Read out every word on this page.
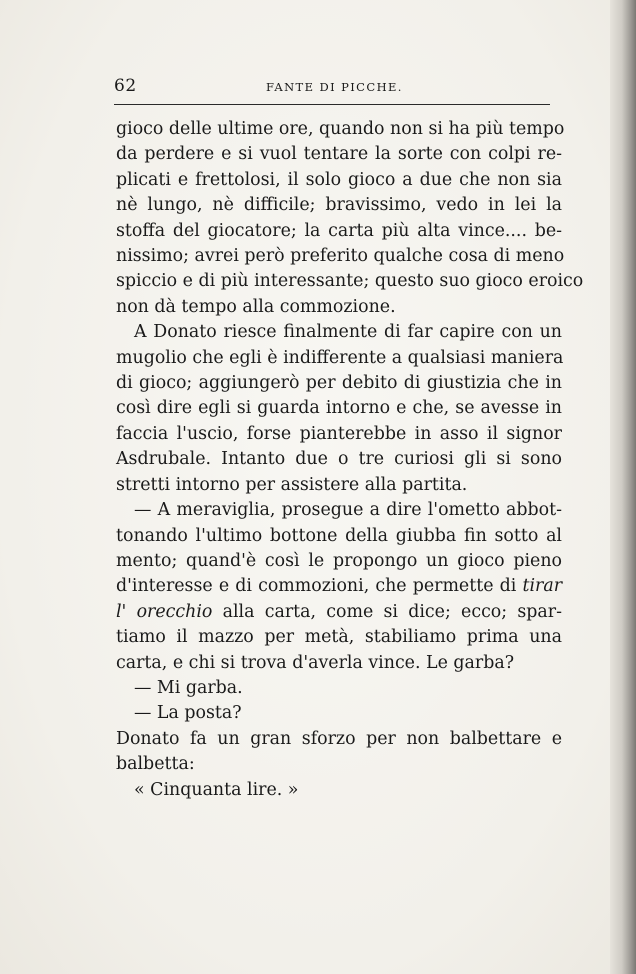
62	FANTE DI PICCHE.
gioco delle ultime ore, quando non si ha più tempo
da perdere e si vuol tentare la sorte con colpi re-
plicati e frettolosi, il solo gioco a due che non sia
nè lungo, nè difficile; bravissimo, vedo in lei la
stoffa del giocatore; la carta più alta vince.... be-
nissimo; avrei però preferito qualche cosa di meno
spiccio e di più interessante; questo suo gioco eroico
non dà tempo alla commozione.
A Donato riesce finalmente di far capire con un
mugolio che egli è indifferente a qualsiasi maniera
di gioco; aggiungerò per debito di giustizia che in
così dire egli si guarda intorno e che, se avesse in
faccia l'uscio, forse pianterebbe in asso il signor
Asdrubale. Intanto due o tre curiosi gli si sono
stretti intorno per assistere alla partita.
— A meraviglia, prosegue a dire l'ometto abbot-
tonando l'ultimo bottone della giubba fin sotto al
mento; quand'è così le propongo un gioco pieno
d'interesse e di commozioni, che permette di tirar
l' orecchio alla carta, come si dice; ecco; spar-
tiamo il mazzo per metà, stabiliamo prima una
carta, e chi si trova d'averla vince. Le garba?
— Mi garba.
— La posta?
Donato fa un gran sforzo per non balbettare e
balbetta:
« Cinquanta lire. »
